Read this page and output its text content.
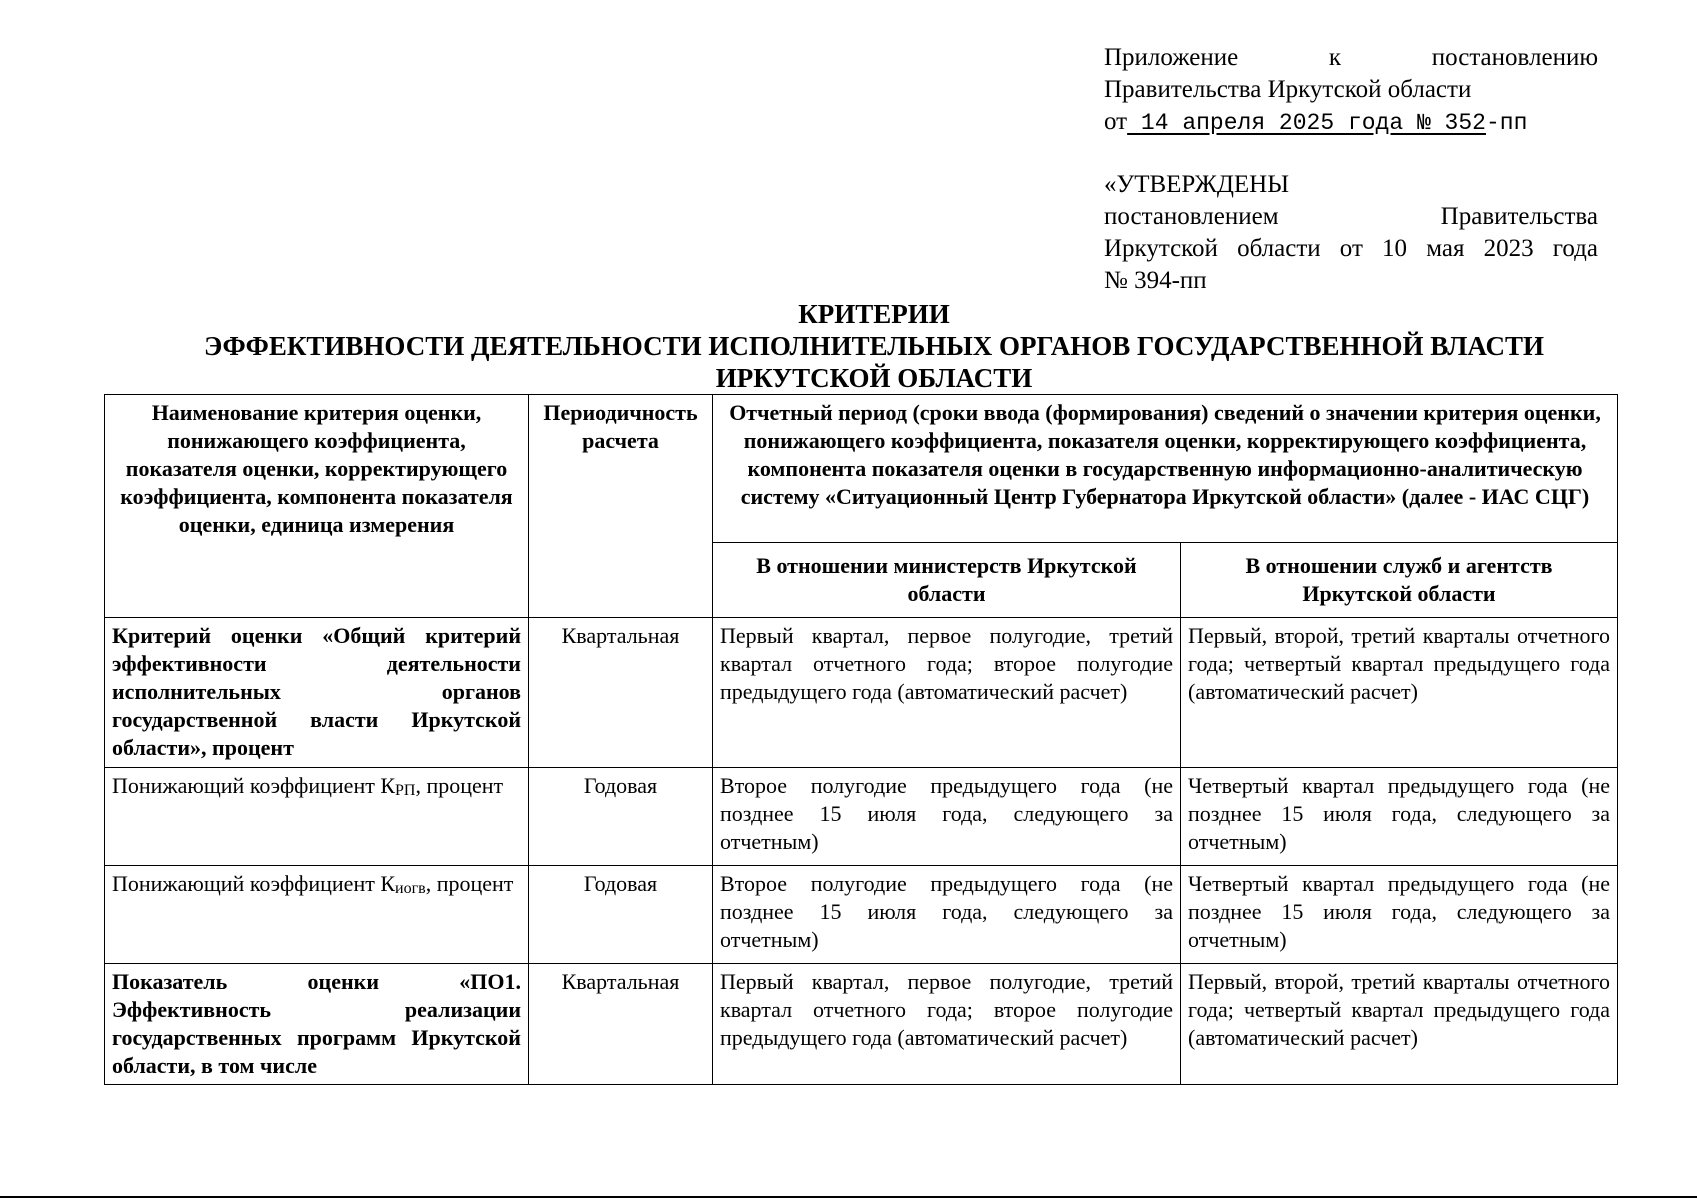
Приложение	к	постановлению
Правительства Иркутской области
от 14 апреля 2025 года № 352-пп
«УТВЕРЖДЕНЫ
постановлением	Правительства
Иркутской области от 10 мая 2023 года
№ 394-пп
КРИТЕРИИ
ЭФФЕКТИВНОСТИ ДЕЯТЕЛЬНОСТИ ИСПОЛНИТЕЛЬНЫХ ОРГАНОВ ГОСУДАРСТВЕННОЙ ВЛАСТИ
ИРКУТСКОЙ ОБЛАСТИ
Наименование критерия оценки, понижающего коэффициента, показателя оценки, корректирующего коэффициента, компонента показателя оценки, единица измерения	Периодичность расчета	Отчетный период (сроки ввода (формирования) сведений о значении критерия оценки, понижающего коэффициента, показателя оценки, корректирующего коэффициента, компонента показателя оценки в государственную информационно-аналитическую систему «Ситуационный Центр Губернатора Иркутской области» (далее - ИАС СЦГ)	
		В отношении министерств Иркутской области	В отношении служб и агентств Иркутской области
Критерий оценки «Общий критерий эффективности деятельности исполнительных органов государственной власти Иркутской области», процент	Квартальная	Первый квартал, первое полугодие, третий квартал отчетного года; второе полугодие предыдущего года (автоматический расчет)	Первый, второй, третий кварталы отчетного года; четвертый квартал предыдущего года (автоматический расчет)
Понижающий коэффициент КРП, процент	Годовая	Второе полугодие предыдущего года (не позднее 15 июля года, следующего за отчетным)	Четвертый квартал предыдущего года (не позднее 15 июля года, следующего за отчетным)
Понижающий коэффициент Киогв, процент	Годовая	Второе полугодие предыдущего года (не позднее 15 июля года, следующего за отчетным)	Четвертый квартал предыдущего года (не позднее 15 июля года, следующего за отчетным)
Показатель оценки «ПО1. Эффективность реализации государственных программ Иркутской области, в том числе	Квартальная	Первый квартал, первое полугодие, третий квартал отчетного года; второе полугодие предыдущего года (автоматический расчет)	Первый, второй, третий кварталы отчетного года; четвертый квартал предыдущего года (автоматический расчет)
